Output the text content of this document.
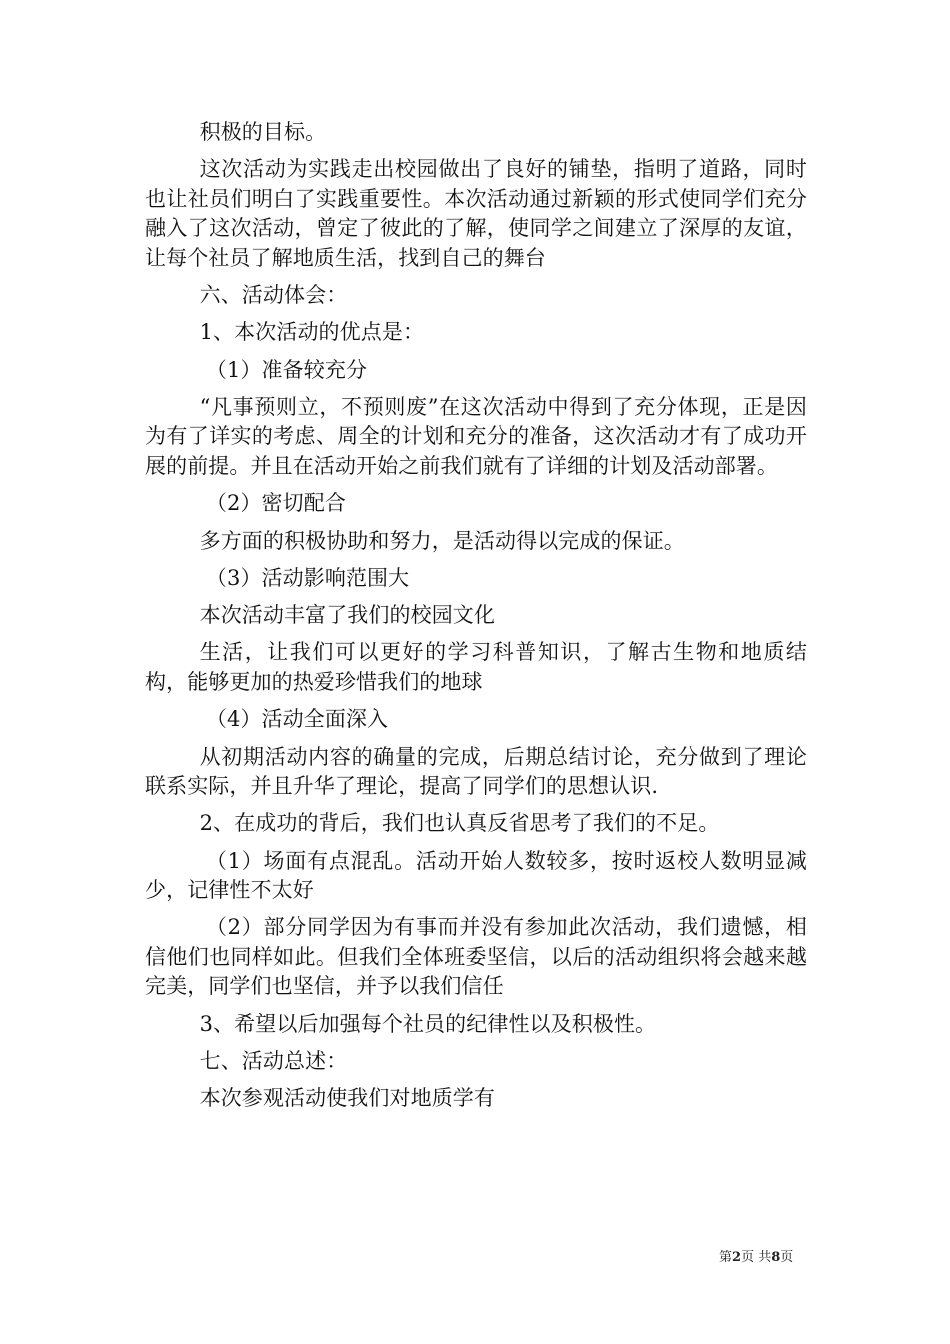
积极的目标。

这次活动为实践走出校园做出了良好的铺垫，指明了道路，同时也让社员们明白了实践重要性。本次活动通过新颖的形式使同学们充分融入了这次活动，曾定了彼此的了解，使同学之间建立了深厚的友谊，让每个社员了解地质生活，找到自己的舞台

六、活动体会：

1、本次活动的优点是：

（1）准备较充分

“凡事预则立，不预则废”在这次活动中得到了充分体现，正是因为有了详实的考虑、周全的计划和充分的准备，这次活动才有了成功开展的前提。并且在活动开始之前我们就有了详细的计划及活动部署。

（2）密切配合

多方面的积极协助和努力，是活动得以完成的保证。

（3）活动影响范围大

本次活动丰富了我们的校园文化

生活，让我们可以更好的学习科普知识，了解古生物和地质结构，能够更加的热爱珍惜我们的地球

（4）活动全面深入

从初期活动内容的确量的完成，后期总结讨论，充分做到了理论联系实际，并且升华了理论，提高了同学们的思想认识.

2、在成功的背后，我们也认真反省思考了我们的不足。

（1）场面有点混乱。活动开始人数较多，按时返校人数明显减少，记律性不太好

（2）部分同学因为有事而并没有参加此次活动，我们遗憾，相信他们也同样如此。但我们全体班委坚信，以后的活动组织将会越来越完美，同学们也坚信，并予以我们信任

3、希望以后加强每个社员的纪律性以及积极性。

七、活动总述：

本次参观活动使我们对地质学有

第2页 共8页
